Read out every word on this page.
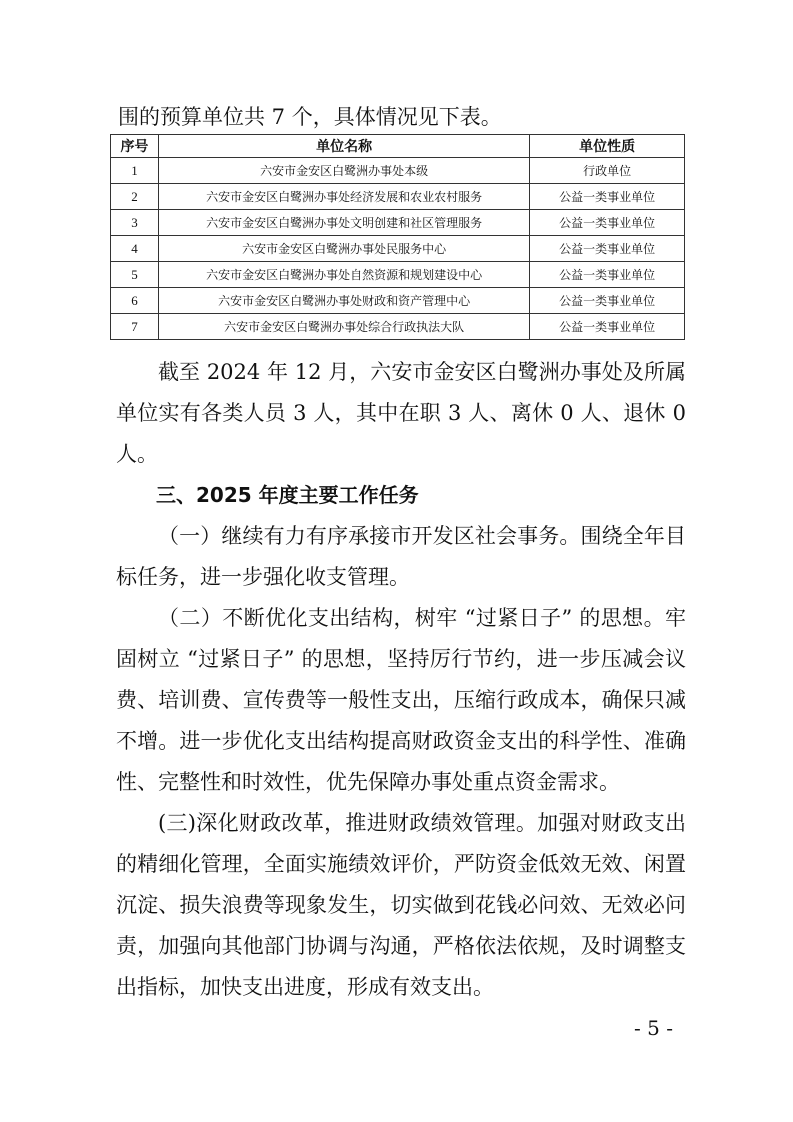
围的预算单位共 7 个，具体情况见下表。
序号	单位名称	单位性质
1	六安市金安区白鹭洲办事处本级	行政单位
2	六安市金安区白鹭洲办事处经济发展和农业农村服务	公益一类事业单位
3	六安市金安区白鹭洲办事处文明创建和社区管理服务	公益一类事业单位
4	六安市金安区白鹭洲办事处民服务中心	公益一类事业单位
5	六安市金安区白鹭洲办事处自然资源和规划建设中心	公益一类事业单位
6	六安市金安区白鹭洲办事处财政和资产管理中心	公益一类事业单位
7	六安市金安区白鹭洲办事处综合行政执法大队	公益一类事业单位

截至 2024 年 12 月，六安市金安区白鹭洲办事处及所属单位实有各类人员 3 人，其中在职 3 人、离休 0 人、退休 0 人。

三、2025 年度主要工作任务

（一）继续有力有序承接市开发区社会事务。围绕全年目标任务，进一步强化收支管理。

（二）不断优化支出结构，树牢 “过紧日子” 的思想。牢固树立 “过紧日子” 的思想，坚持厉行节约，进一步压减会议费、培训费、宣传费等一般性支出，压缩行政成本，确保只减不增。进一步优化支出结构提高财政资金支出的科学性、准确性、完整性和时效性，优先保障办事处重点资金需求。

(三)深化财政改革，推进财政绩效管理。加强对财政支出的精细化管理，全面实施绩效评价，严防资金低效无效、闲置沉淀、损失浪费等现象发生，切实做到花钱必问效、无效必问责，加强向其他部门协调与沟通，严格依法依规，及时调整支出指标，加快支出进度，形成有效支出。

- 5 -
